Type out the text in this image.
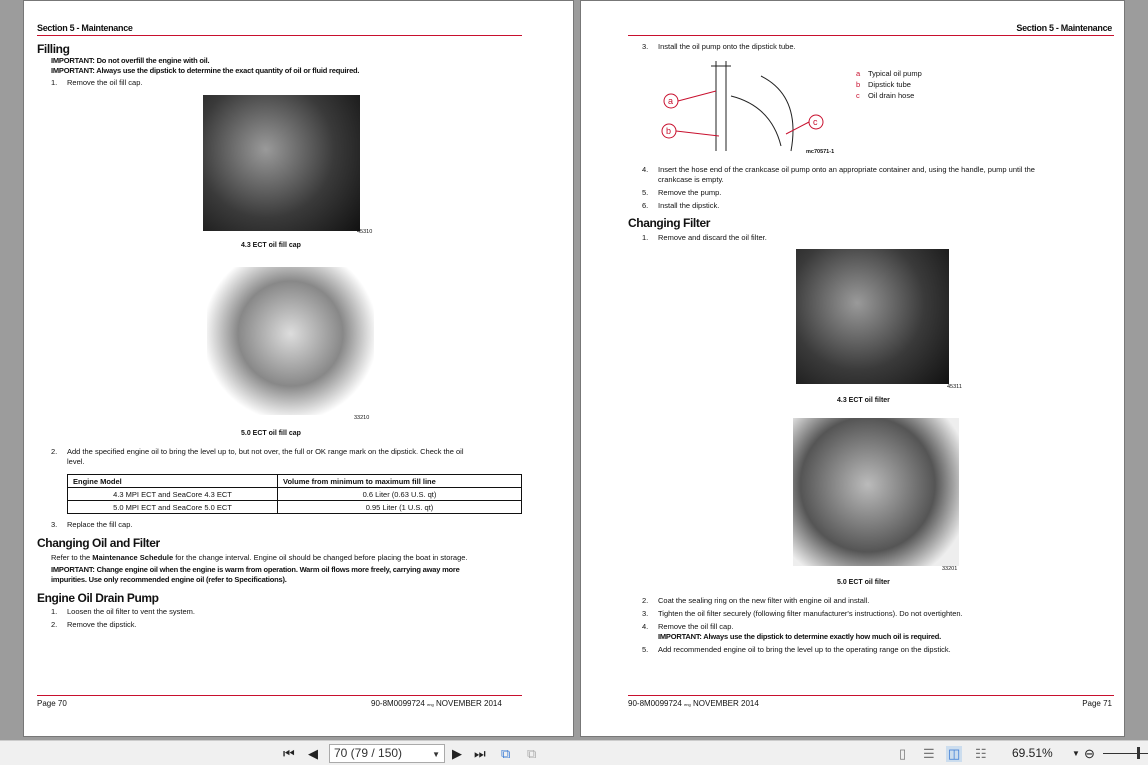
Section 5 - Maintenance
Filling
IMPORTANT: Do not overfill the engine with oil.
IMPORTANT: Always use the dipstick to determine the exact quantity of oil or fluid required.
1. Remove the oil fill cap.
45310
4.3 ECT oil fill cap
33210
5.0 ECT oil fill cap
2. Add the specified engine oil to bring the level up to, but not over, the full or OK range mark on the dipstick. Check the oil
level.
Engine Model	Volume from minimum to maximum fill line
4.3 MPI ECT and SeaCore 4.3 ECT	0.6 Liter (0.63 U.S. qt)
5.0 MPI ECT and SeaCore 5.0 ECT	0.95 Liter (1 U.S. qt)
3. Replace the fill cap.
Changing Oil and Filter
Refer to the Maintenance Schedule for the change interval. Engine oil should be changed before placing the boat in storage.
IMPORTANT: Change engine oil when the engine is warm from operation. Warm oil flows more freely, carrying away more
impurities. Use only recommended engine oil (refer to Specifications).
Engine Oil Drain Pump
1. Loosen the oil filter to vent the system.
2. Remove the dipstick.
Page 70	90-8M0099724 eng NOVEMBER 2014
Section 5 - Maintenance
3. Install the oil pump onto the dipstick tube.
a
b
c
mc70571-1
a Typical oil pump
b Dipstick tube
c Oil drain hose
4. Insert the hose end of the crankcase oil pump onto an appropriate container and, using the handle, pump until the
crankcase is empty.
5. Remove the pump.
6. Install the dipstick.
Changing Filter
1. Remove and discard the oil filter.
45311
4.3 ECT oil filter
33201
5.0 ECT oil filter
2. Coat the sealing ring on the new filter with engine oil and install.
3. Tighten the oil filter securely (following filter manufacturer's instructions). Do not overtighten.
4. Remove the oil fill cap.
IMPORTANT: Always use the dipstick to determine exactly how much oil is required.
5. Add recommended engine oil to bring the level up to the operating range on the dipstick.
90-8M0099724 eng NOVEMBER 2014	Page 71
⏮ ◀	70 (79 / 150)	▼ ▶ ⏭ ⧉ ⧉	▯ ☰ ◫ ☷ 69.51% ▼ ⊖
